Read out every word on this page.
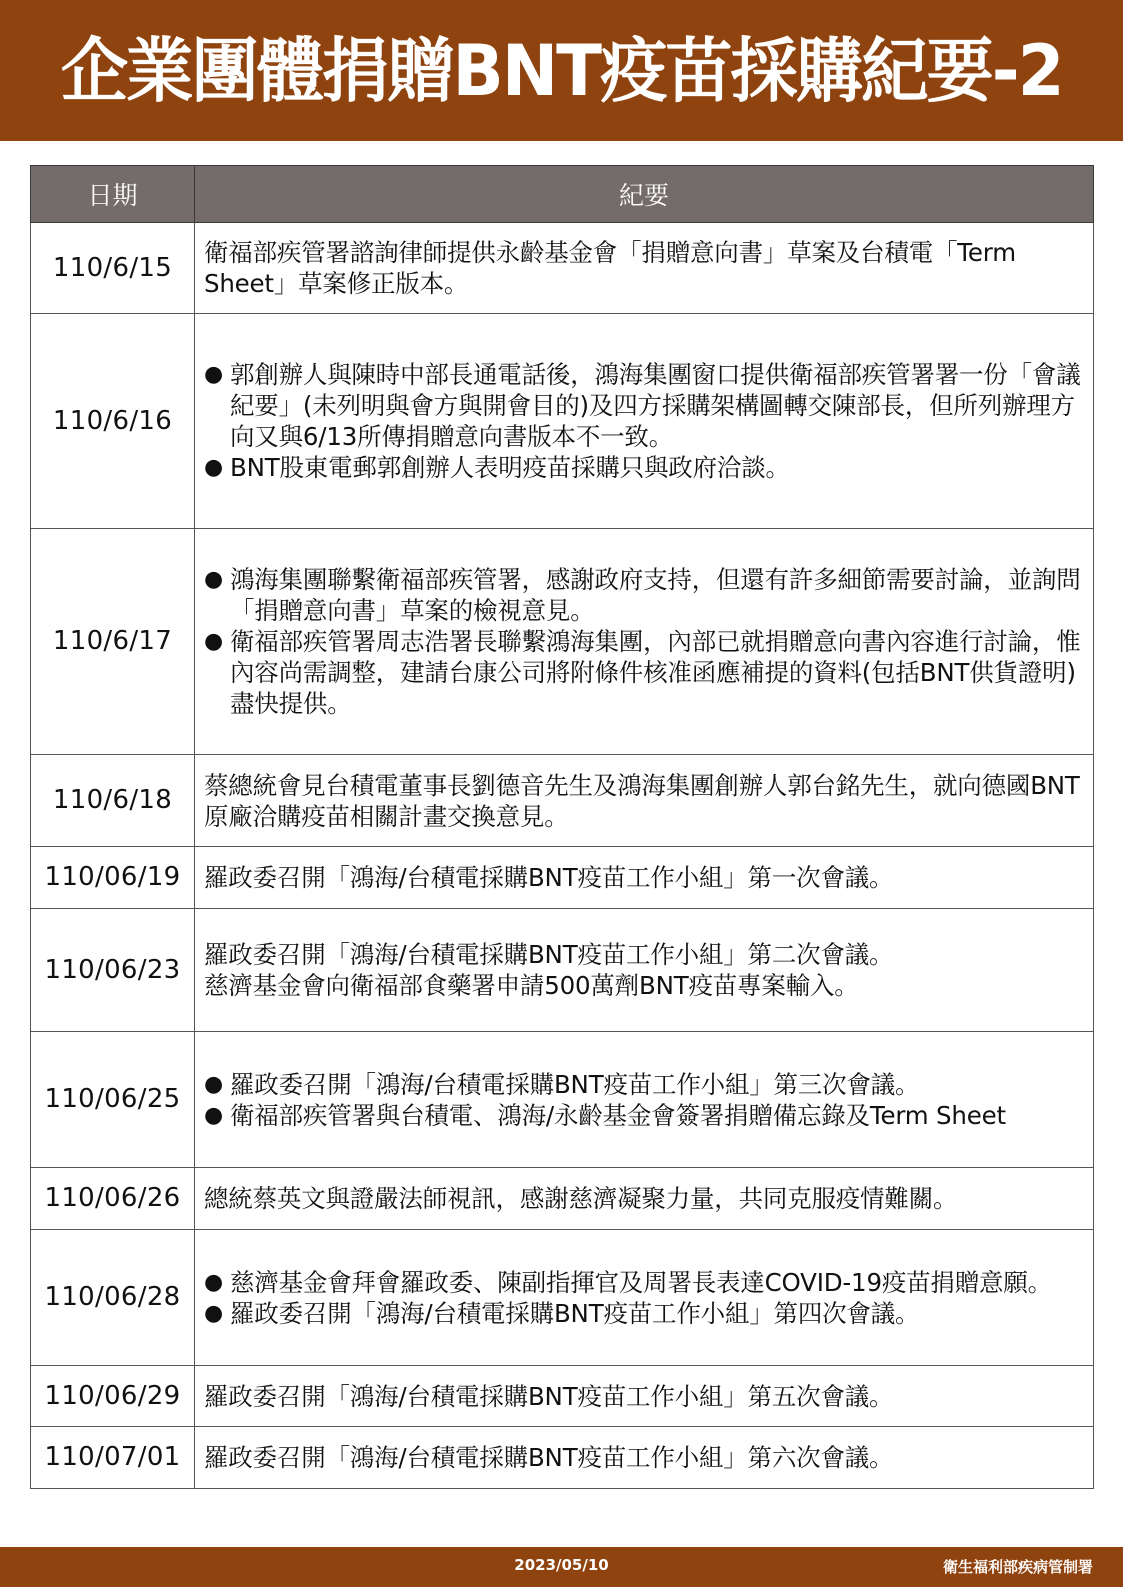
企業團體捐贈BNT疫苗採購紀要-2
日期	紀要
110/6/15	衛福部疾管署諮詢律師提供永齡基金會「捐贈意向書」草案及台積電「Term Sheet」草案修正版本。

110/6/16	● 郭創辦人與陳時中部長通電話後，鴻海集團窗口提供衛福部疾管署署一份「會議紀要」(未列明與會方與開會目的)及四方採購架構圖轉交陳部長，但所列辦理方向又與6/13所傳捐贈意向書版本不一致。
● BNT股東電郵郭創辦人表明疫苗採購只與政府洽談。

110/6/17	● 鴻海集團聯繫衛福部疾管署，感謝政府支持，但還有許多細節需要討論，並詢問「捐贈意向書」草案的檢視意見。
● 衛福部疾管署周志浩署長聯繫鴻海集團，內部已就捐贈意向書內容進行討論，惟內容尚需調整，建請台康公司將附條件核准函應補提的資料(包括BNT供貨證明)盡快提供。

110/6/18	蔡總統會見台積電董事長劉德音先生及鴻海集團創辦人郭台銘先生，就向德國BNT原廠洽購疫苗相關計畫交換意見。

110/06/19	羅政委召開「鴻海/台積電採購BNT疫苗工作小組」第一次會議。

110/06/23	羅政委召開「鴻海/台積電採購BNT疫苗工作小組」第二次會議。
慈濟基金會向衛福部食藥署申請500萬劑BNT疫苗專案輸入。

110/06/25	● 羅政委召開「鴻海/台積電採購BNT疫苗工作小組」第三次會議。
● 衛福部疾管署與台積電、鴻海/永齡基金會簽署捐贈備忘錄及Term Sheet

110/06/26	總統蔡英文與證嚴法師視訊，感謝慈濟凝聚力量，共同克服疫情難關。

110/06/28	● 慈濟基金會拜會羅政委、陳副指揮官及周署長表達COVID-19疫苗捐贈意願。
● 羅政委召開「鴻海/台積電採購BNT疫苗工作小組」第四次會議。

110/06/29	羅政委召開「鴻海/台積電採購BNT疫苗工作小組」第五次會議。

110/07/01	羅政委召開「鴻海/台積電採購BNT疫苗工作小組」第六次會議。
2023/05/10	衛生福利部疾病管制署
